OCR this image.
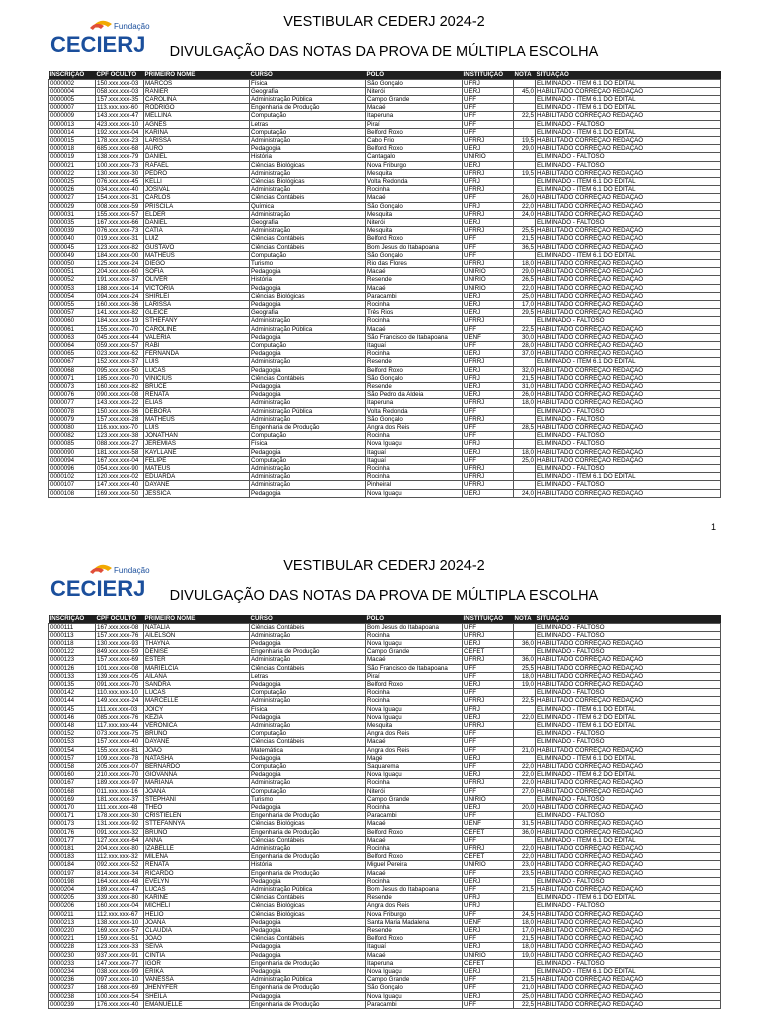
Fundação
CECIERJ
VESTIBULAR CEDERJ 2024-2
DIVULGAÇÃO DAS NOTAS DA PROVA DE MÚLTIPLA ESCOLHA
INSCRIÇÃO	CPF OCULTO	PRIMEIRO NOME	CURSO	POLO	INSTITUIÇÃO	NOTA	SITUAÇÃO
0000002	150.xxx.xxx-03	MARCOS	Física	São Gonçalo	UFRJ		ELIMINADO - ITEM 6.1 DO EDITAL
0000004	058.xxx.xxx-03	RANIER	Geografia	Niterói	UERJ	45,0	HABILITADO CORREÇÃO REDAÇÃO
0000005	157.xxx.xxx-35	CAROLINA	Administração Pública	Campo Grande	UFF		ELIMINADO - ITEM 6.1 DO EDITAL
0000007	113.xxx.xxx-60	RODRIGO	Engenharia de Produção	Macaé	UFF		ELIMINADO - ITEM 6.1 DO EDITAL
0000009	143.xxx.xxx-47	MELLINA	Computação	Itaperuna	UFF	22,5	HABILITADO CORREÇÃO REDAÇÃO
0000013	423.xxx.xxx-10	AGNES	Letras	Piraí	UFF		ELIMINADO - FALTOSO
0000014	192.xxx.xxx-04	KARINA	Computação	Belford Roxo	UFF		ELIMINADO - ITEM 6.1 DO EDITAL
0000015	178.xxx.xxx-23	LARISSA	Administração	Cabo Frio	UFRRJ	19,5	HABILITADO CORREÇÃO REDAÇÃO
0000018	685.xxx.xxx-68	AURO	Pedagogia	Belford Roxo	UERJ	29,0	HABILITADO CORREÇÃO REDAÇÃO
0000019	138.xxx.xxx-79	DANIEL	História	Cantagalo	UNIRIO		ELIMINADO - FALTOSO
0000021	100.xxx.xxx-73	RAFAEL	Ciências Biológicas	Nova Friburgo	UERJ		ELIMINADO - FALTOSO
0000022	130.xxx.xxx-30	PEDRO	Administração	Mesquita	UFRRJ	19,5	HABILITADO CORREÇÃO REDAÇÃO
0000025	076.xxx.xxx-45	KELLI	Ciências Biológicas	Volta Redonda	UFRJ		ELIMINADO - ITEM 6.1 DO EDITAL
0000026	034.xxx.xxx-40	JOSIVAL	Administração	Rocinha	UFRRJ		ELIMINADO - ITEM 6.1 DO EDITAL
0000027	154.xxx.xxx-31	CARLOS	Ciências Contábeis	Macaé	UFF	26,0	HABILITADO CORREÇÃO REDAÇÃO
0000029	008.xxx.xxx-59	PRISCILA	Química	São Gonçalo	UFRJ	22,0	HABILITADO CORREÇÃO REDAÇÃO
0000031	155.xxx.xxx-57	ELDER	Administração	Mesquita	UFRRJ	24,0	HABILITADO CORREÇÃO REDAÇÃO
0000035	167.xxx.xxx-66	DANIEL	Geografia	Niterói	UERJ		ELIMINADO - FALTOSO
0000039	076.xxx.xxx-73	CATIA	Administração	Mesquita	UFRRJ	25,5	HABILITADO CORREÇÃO REDAÇÃO
0000040	019.xxx.xxx-31	LUIZ	Ciências Contábeis	Belford Roxo	UFF	21,5	HABILITADO CORREÇÃO REDAÇÃO
0000045	123.xxx.xxx-82	GUSTAVO	Ciências Contábeis	Bom Jesus do Itabapoana	UFF	36,5	HABILITADO CORREÇÃO REDAÇÃO
0000049	184.xxx.xxx-00	MATHEUS	Computação	São Gonçalo	UFF		ELIMINADO - ITEM 6.1 DO EDITAL
0000050	125.xxx.xxx-24	DIEGO	Turismo	Rio das Flores	UFRRJ	18,0	HABILITADO CORREÇÃO REDAÇÃO
0000051	204.xxx.xxx-60	SOFIA	Pedagogia	Macaé	UNIRIO	29,0	HABILITADO CORREÇÃO REDAÇÃO
0000052	191.xxx.xxx-37	OLIVER	História	Resende	UNIRIO	26,5	HABILITADO CORREÇÃO REDAÇÃO
0000053	188.xxx.xxx-14	VICTORIA	Pedagogia	Macaé	UNIRIO	22,0	HABILITADO CORREÇÃO REDAÇÃO
0000054	094.xxx.xxx-24	SHIRLEI	Ciências Biológicas	Paracambi	UERJ	25,0	HABILITADO CORREÇÃO REDAÇÃO
0000055	160.xxx.xxx-36	LARISSA	Pedagogia	Rocinha	UERJ	17,0	HABILITADO CORREÇÃO REDAÇÃO
0000057	141.xxx.xxx-82	GLEICE	Geografia	Três Rios	UERJ	29,5	HABILITADO CORREÇÃO REDAÇÃO
0000060	184.xxx.xxx-19	STHEFANY	Administração	Rocinha	UFRRJ		ELIMINADO - FALTOSO
0000061	155.xxx.xxx-70	CAROLINE	Administração Pública	Macaé	UFF	22,5	HABILITADO CORREÇÃO REDAÇÃO
0000063	045.xxx.xxx-44	VALERIA	Pedagogia	São Francisco de Itabapoana	UENF	30,0	HABILITADO CORREÇÃO REDAÇÃO
0000064	059.xxx.xxx-57	RABI	Computação	Itaguaí	UFF	28,0	HABILITADO CORREÇÃO REDAÇÃO
0000065	023.xxx.xxx-62	FERNANDA	Pedagogia	Rocinha	UERJ	37,0	HABILITADO CORREÇÃO REDAÇÃO
0000067	152.xxx.xxx-37	LUIS	Administração	Resende	UFRRJ		ELIMINADO - ITEM 6.1 DO EDITAL
0000068	095.xxx.xxx-50	LUCAS	Pedagogia	Belford Roxo	UERJ	32,0	HABILITADO CORREÇÃO REDAÇÃO
0000071	185.xxx.xxx-70	VINICIUS	Ciências Contábeis	São Gonçalo	UFRJ	21,5	HABILITADO CORREÇÃO REDAÇÃO
0000073	160.xxx.xxx-82	BRUCE	Pedagogia	Resende	UERJ	31,0	HABILITADO CORREÇÃO REDAÇÃO
0000076	090.xxx.xxx-08	RENATA	Pedagogia	São Pedro da Aldeia	UERJ	26,0	HABILITADO CORREÇÃO REDAÇÃO
0000077	143.xxx.xxx-22	ELIAS	Administração	Itaperuna	UFRRJ	18,0	HABILITADO CORREÇÃO REDAÇÃO
0000078	150.xxx.xxx-36	DEBORA	Administração Pública	Volta Redonda	UFF		ELIMINADO - FALTOSO
0000079	157.xxx.xxx-28	MATHEUS	Administração	São Gonçalo	UFRRJ		ELIMINADO - FALTOSO
0000080	116.xxx.xxx-70	LUIS	Engenharia de Produção	Angra dos Reis	UFF	28,5	HABILITADO CORREÇÃO REDAÇÃO
0000082	123.xxx.xxx-38	JONATHAN	Computação	Rocinha	UFF		ELIMINADO - FALTOSO
0000085	088.xxx.xxx-27	JEREMIAS	Física	Nova Iguaçu	UFRJ		ELIMINADO - FALTOSO
0000090	181.xxx.xxx-58	KAYLLANE	Pedagogia	Itaguaí	UERJ	18,0	HABILITADO CORREÇÃO REDAÇÃO
0000094	167.xxx.xxx-04	FELIPE	Computação	Itaguaí	UFF	25,0	HABILITADO CORREÇÃO REDAÇÃO
0000096	054.xxx.xxx-90	MATEUS	Administração	Rocinha	UFRRJ		ELIMINADO - FALTOSO
0000102	120.xxx.xxx-02	EDUARDA	Administração	Rocinha	UFRRJ		ELIMINADO - ITEM 6.1 DO EDITAL
0000107	147.xxx.xxx-40	DAYANE	Administração	Pinheiral	UFRRJ		ELIMINADO - FALTOSO
0000108	169.xxx.xxx-50	JESSICA	Pedagogia	Nova Iguaçu	UERJ	24,0	HABILITADO CORREÇÃO REDAÇÃO
1
Fundação
CECIERJ
VESTIBULAR CEDERJ 2024-2
DIVULGAÇÃO DAS NOTAS DA PROVA DE MÚLTIPLA ESCOLHA
INSCRIÇÃO	CPF OCULTO	PRIMEIRO NOME	CURSO	POLO	INSTITUIÇÃO	NOTA	SITUAÇÃO
0000111	167.xxx.xxx-08	NATALIA	Ciências Contábeis	Bom Jesus do Itabapoana	UFF		ELIMINADO - FALTOSO
0000113	157.xxx.xxx-76	AILELSON	Administração	Rocinha	UFRRJ		ELIMINADO - FALTOSO
0000118	130.xxx.xxx-93	THAYNA	Pedagogia	Nova Iguaçu	UERJ	36,0	HABILITADO CORREÇÃO REDAÇÃO
0000122	849.xxx.xxx-59	DENISE	Engenharia de Produção	Campo Grande	CEFET		ELIMINADO - FALTOSO
0000123	157.xxx.xxx-69	ESTER	Administração	Macaé	UFRRJ	36,0	HABILITADO CORREÇÃO REDAÇÃO
0000126	101.xxx.xxx-08	MARIELCIA	Ciências Contábeis	São Francisco de Itabapoana	UFF	25,5	HABILITADO CORREÇÃO REDAÇÃO
0000133	139.xxx.xxx-05	AILANA	Letras	Piraí	UFF	18,0	HABILITADO CORREÇÃO REDAÇÃO
0000135	091.xxx.xxx-70	SANDRA	Pedagogia	Belford Roxo	UERJ	19,0	HABILITADO CORREÇÃO REDAÇÃO
0000142	110.xxx.xxx-10	LUCAS	Computação	Rocinha	UFF		ELIMINADO - FALTOSO
0000144	149.xxx.xxx-24	MARCELLE	Administração	Rocinha	UFRRJ	22,5	HABILITADO CORREÇÃO REDAÇÃO
0000145	111.xxx.xxx-03	JOICY	Física	Nova Iguaçu	UFRJ		ELIMINADO - ITEM 6.1 DO EDITAL
0000146	085.xxx.xxx-76	KÉZIA	Pedagogia	Nova Iguaçu	UERJ	22,0	ELIMINADO - ITEM 6.2 DO EDITAL
0000148	117.xxx.xxx-44	VERÔNICA	Administração	Mesquita	UFRRJ		ELIMINADO - ITEM 6.1 DO EDITAL
0000152	073.xxx.xxx-75	BRUNO	Computação	Angra dos Reis	UFF		ELIMINADO - FALTOSO
0000153	157.xxx.xxx-40	DAYANE	Ciências Contábeis	Macaé	UFF		ELIMINADO - FALTOSO
0000154	155.xxx.xxx-81	JOÃO	Matemática	Angra dos Reis	UFF	21,0	HABILITADO CORREÇÃO REDAÇÃO
0000157	109.xxx.xxx-78	NATASHA	Pedagogia	Magé	UERJ		ELIMINADO - ITEM 6.1 DO EDITAL
0000158	205.xxx.xxx-07	BERNARDO	Computação	Saquarema	UFF	22,0	HABILITADO CORREÇÃO REDAÇÃO
0000160	210.xxx.xxx-70	GIOVANNA	Pedagogia	Nova Iguaçu	UERJ	22,0	ELIMINADO - ITEM 6.2 DO EDITAL
0000167	189.xxx.xxx-97	MARIANA	Administração	Rocinha	UFRRJ	22,0	HABILITADO CORREÇÃO REDAÇÃO
0000168	011.xxx.xxx-16	JOANA	Computação	Niterói	UFF	27,0	HABILITADO CORREÇÃO REDAÇÃO
0000169	181.xxx.xxx-37	STEPHANI	Turismo	Campo Grande	UNIRIO		ELIMINADO - FALTOSO
0000170	111.xxx.xxx-48	THEO	Pedagogia	Rocinha	UERJ	20,0	HABILITADO CORREÇÃO REDAÇÃO
0000171	178.xxx.xxx-30	CRISTIELEN	Engenharia de Produção	Paracambi	UFF		ELIMINADO - FALTOSO
0000173	131.xxx.xxx-92	STTEFANNYA	Ciências Biológicas	Macaé	UENF	31,5	HABILITADO CORREÇÃO REDAÇÃO
0000176	091.xxx.xxx-32	BRUNO	Engenharia de Produção	Belford Roxo	CEFET	36,0	HABILITADO CORREÇÃO REDAÇÃO
0000177	127.xxx.xxx-64	ANNA	Ciências Contábeis	Macaé	UFF		ELIMINADO - ITEM 6.1 DO EDITAL
0000181	204.xxx.xxx-80	IZABELLE	Administração	Rocinha	UFRRJ	22,0	HABILITADO CORREÇÃO REDAÇÃO
0000183	112.xxx.xxx-32	MILENA	Engenharia de Produção	Belford Roxo	CEFET	22,0	HABILITADO CORREÇÃO REDAÇÃO
0000184	092.xxx.xxx-52	RENATA	História	Miguel Pereira	UNIRIO	23,0	HABILITADO CORREÇÃO REDAÇÃO
0000197	814.xxx.xxx-34	RICARDO	Engenharia de Produção	Macaé	UFF	23,5	HABILITADO CORREÇÃO REDAÇÃO
0000198	164.xxx.xxx-48	EVELYN	Pedagogia	Rocinha	UERJ		ELIMINADO - FALTOSO
0000204	189.xxx.xxx-47	LUCAS	Administração Pública	Bom Jesus do Itabapoana	UFF	21,5	HABILITADO CORREÇÃO REDAÇÃO
0000205	339.xxx.xxx-80	KARINE	Ciências Contábeis	Resende	UFRJ		ELIMINADO - ITEM 6.1 DO EDITAL
0000206	160.xxx.xxx-04	MICHELI	Ciências Biológicas	Angra dos Reis	UFRJ		ELIMINADO - FALTOSO
0000211	112.xxx.xxx-67	HELIO	Ciências Biológicas	Nova Friburgo	UFF	24,5	HABILITADO CORREÇÃO REDAÇÃO
0000213	138.xxx.xxx-10	JOANA	Pedagogia	Santa Maria Madalena	UENF	18,0	HABILITADO CORREÇÃO REDAÇÃO
0000220	169.xxx.xxx-57	CLAUDIA	Pedagogia	Resende	UERJ	17,0	HABILITADO CORREÇÃO REDAÇÃO
0000221	159.xxx.xxx-51	JOÃO	Ciências Contábeis	Belford Roxo	UFF	21,5	HABILITADO CORREÇÃO REDAÇÃO
0000228	123.xxx.xxx-33	SEIVA	Pedagogia	Itaguaí	UERJ	18,0	HABILITADO CORREÇÃO REDAÇÃO
0000230	937.xxx.xxx-91	CINTIA	Pedagogia	Macaé	UNIRIO	19,0	HABILITADO CORREÇÃO REDAÇÃO
0000233	147.xxx.xxx-77	IGOR	Engenharia de Produção	Itaperuna	CEFET		ELIMINADO - FALTOSO
0000234	038.xxx.xxx-99	ERIKA	Pedagogia	Nova Iguaçu	UERJ		ELIMINADO - ITEM 6.1 DO EDITAL
0000236	097.xxx.xxx-10	VANESSA	Administração Pública	Campo Grande	UFF	21,5	HABILITADO CORREÇÃO REDAÇÃO
0000237	168.xxx.xxx-69	JHENYFER	Engenharia de Produção	São Gonçalo	UFF	21,0	HABILITADO CORREÇÃO REDAÇÃO
0000238	100.xxx.xxx-54	SHEILA	Pedagogia	Nova Iguaçu	UERJ	25,0	HABILITADO CORREÇÃO REDAÇÃO
0000239	176.xxx.xxx-40	EMANUELLE	Engenharia de Produção	Paracambi	UFF	22,5	HABILITADO CORREÇÃO REDAÇÃO
